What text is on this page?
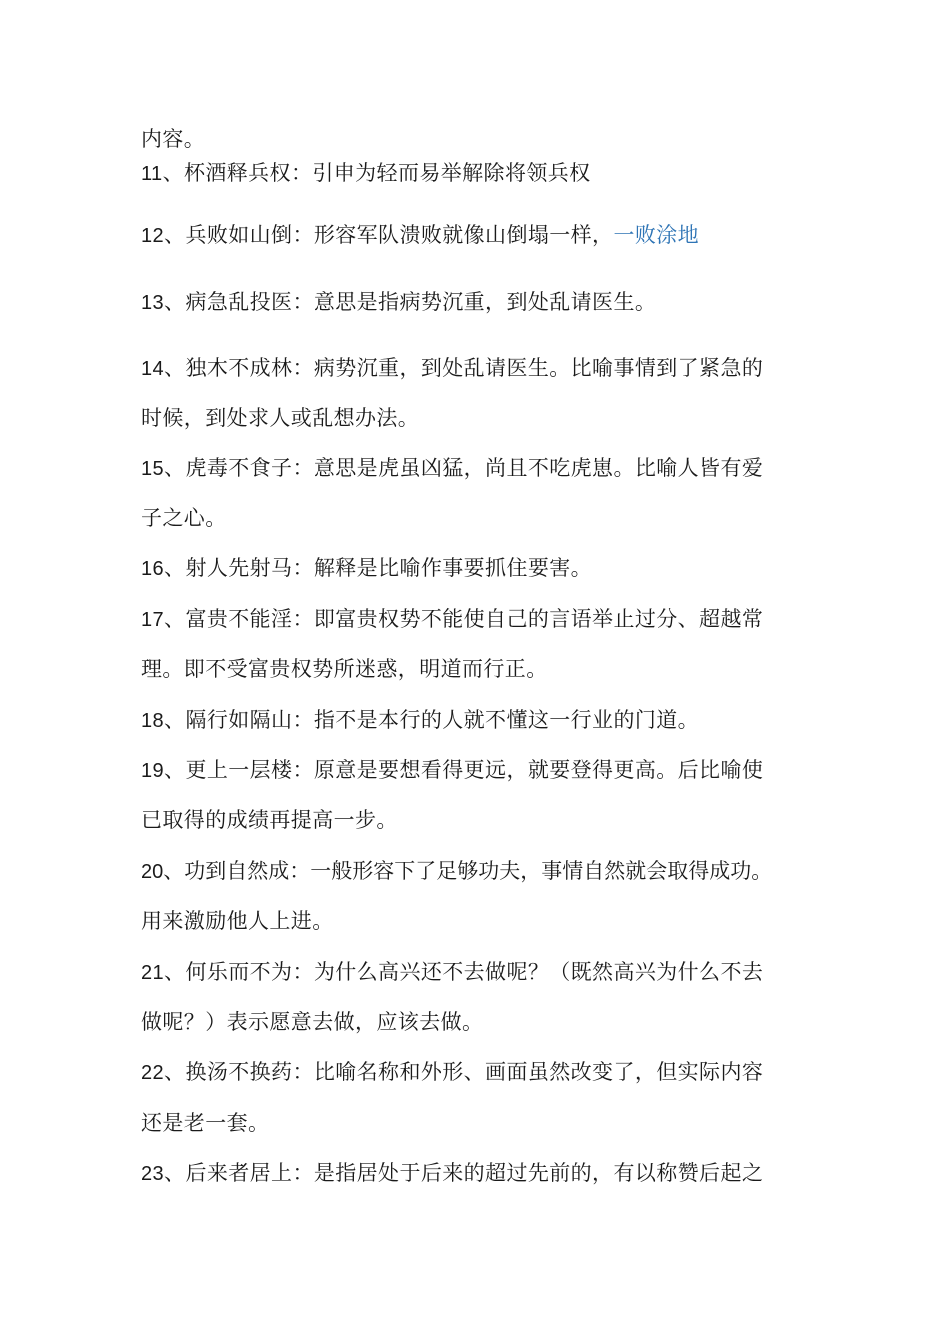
内容。

11、杯酒释兵权：引申为轻而易举解除将领兵权

12、兵败如山倒：形容军队溃败就像山倒塌一样，一败涂地

13、病急乱投医：意思是指病势沉重，到处乱请医生。

14、独木不成林：病势沉重，到处乱请医生。比喻事情到了紧急的

时候，到处求人或乱想办法。

15、虎毒不食子：意思是虎虽凶猛，尚且不吃虎崽。比喻人皆有爱

子之心。

16、射人先射马：解释是比喻作事要抓住要害。

17、富贵不能淫：即富贵权势不能使自己的言语举止过分、超越常

理。即不受富贵权势所迷惑，明道而行正。

18、隔行如隔山：指不是本行的人就不懂这一行业的门道。

19、更上一层楼：原意是要想看得更远，就要登得更高。后比喻使

已取得的成绩再提高一步。

20、功到自然成：一般形容下了足够功夫，事情自然就会取得成功。

用来激励他人上进。

21、何乐而不为：为什么高兴还不去做呢？（既然高兴为什么不去

做呢？）表示愿意去做，应该去做。

22、换汤不换药：比喻名称和外形、画面虽然改变了，但实际内容

还是老一套。

23、后来者居上：是指居处于后来的超过先前的，有以称赞后起之
